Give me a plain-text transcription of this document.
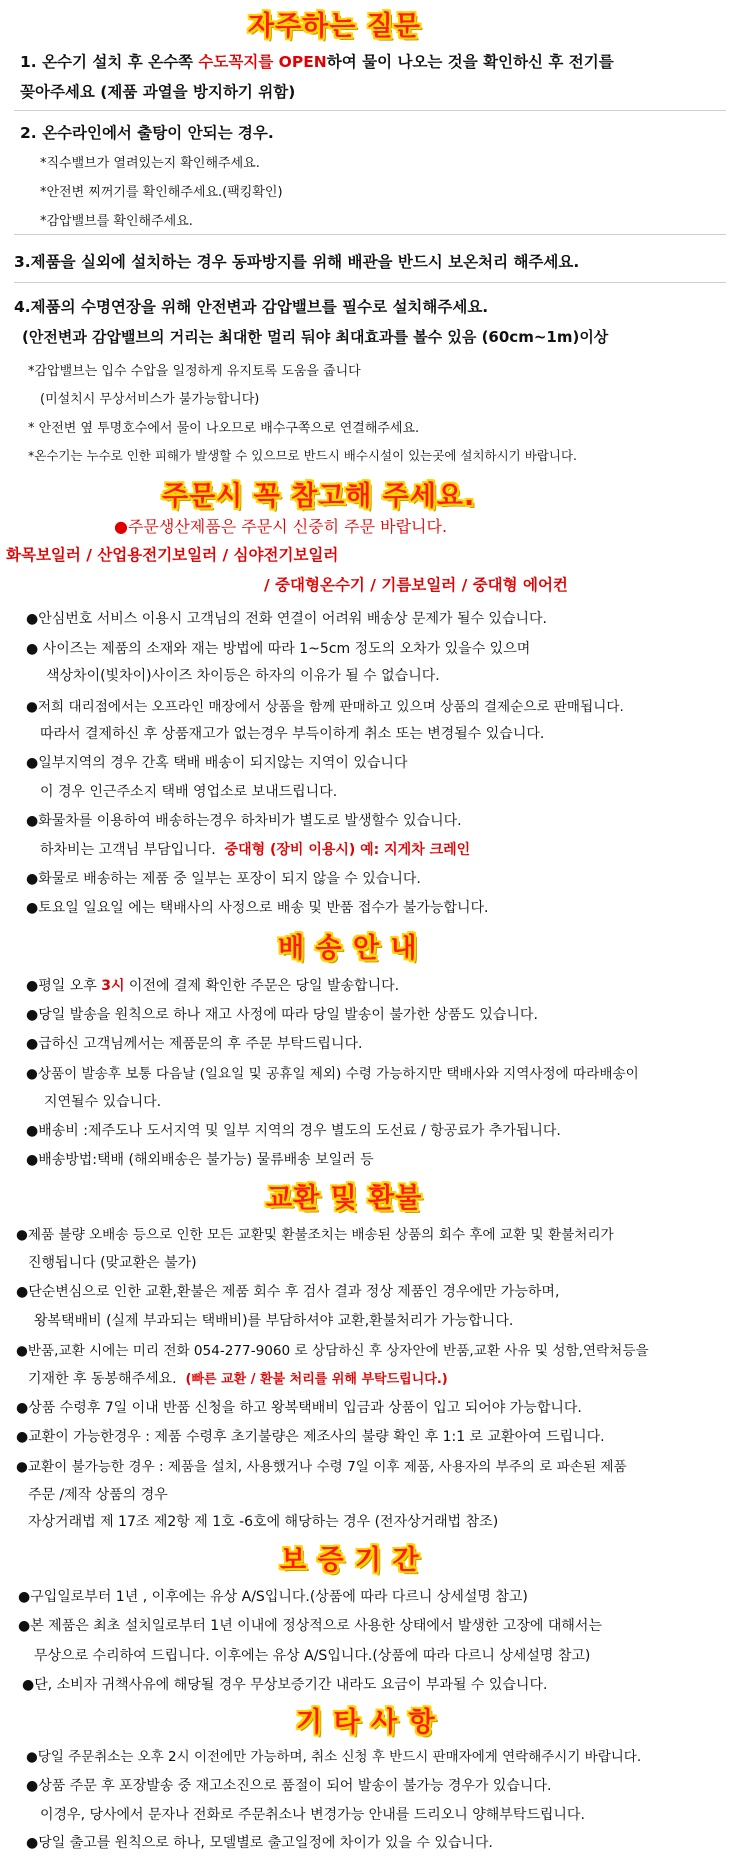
자주하는 질문
1. 온수기 설치 후 온수쪽 수도꼭지를 OPEN하여 물이 나오는 것을 확인하신 후 전기를
꽂아주세요 (제품 과열을 방지하기 위함)
2. 온수라인에서 출탕이 안되는 경우.
*직수밸브가 열려있는지 확인해주세요.
*안전변 찌꺼기를 확인해주세요.(팩킹확인)
*감압밸브를 확인해주세요.
3.제품을 실외에 설치하는 경우 동파방지를 위해 배관을 반드시 보온처리 해주세요.
4.제품의 수명연장을 위해 안전변과 감압밸브를 필수로 설치해주세요.
(안전변과 감압밸브의 거리는 최대한 멀리 둬야 최대효과를 볼수 있음 (60cm~1m)이상
*감압밸브는 입수 수압을 일정하게 유지토록 도움을 줍니다
(미설치시 무상서비스가 불가능합니다)
* 안전변 옆 투명호수에서 물이 나오므로 배수구쪽으로 연결해주세요.
*온수기는 누수로 인한 피해가 발생할 수 있으므로 반드시 배수시설이 있는곳에 설치하시기 바랍니다.
주문시 꼭 참고해 주세요.
●주문생산제품은 주문시 신중히 주문 바랍니다.
화목보일러 / 산업용전기보일러 / 심야전기보일러
/ 중대형온수기 / 기름보일러 / 중대형 에어컨
●안심번호 서비스 이용시 고객님의 전화 연결이 어려워 배송상 문제가 될수 있습니다.
● 사이즈는 제품의 소재와 재는 방법에 따라 1~5cm 정도의 오차가 있을수 있으며
색상차이(빛차이)사이즈 차이등은 하자의 이유가 될 수 없습니다.
●저희 대리점에서는 오프라인 매장에서 상품을 함께 판매하고 있으며 상품의 결제순으로 판매됩니다.
따라서 결제하신 후 상품재고가 없는경우 부득이하게 취소 또는 변경될수 있습니다.
●일부지역의 경우 간혹 택배 배송이 되지않는 지역이 있습니다
이 경우 인근주소지 택배 영업소로 보내드립니다.
●화물차를 이용하여 배송하는경우 하차비가 별도로 발생할수 있습니다.
하차비는 고객님 부담입니다. 중대형 (장비 이용시) 예: 지게차 크레인
●화물로 배송하는 제품 중 일부는 포장이 되지 않을 수 있습니다.
●토요일 일요일 에는 택배사의 사정으로 배송 및 반품 접수가 불가능합니다.
배 송 안 내
●평일 오후 3시 이전에 결제 확인한 주문은 당일 발송합니다.
●당일 발송을 원칙으로 하나 재고 사정에 따라 당일 발송이 불가한 상품도 있습니다.
●급하신 고객님께서는 제품문의 후 주문 부탁드립니다.
●상품이 발송후 보통 다음날 (일요일 및 공휴일 제외) 수령 가능하지만 택배사와 지역사정에 따라배송이
지연될수 있습니다.
●배송비 :제주도나 도서지역 및 일부 지역의 경우 별도의 도선료 / 항공료가 추가됩니다.
●배송방법:택배 (해외배송은 불가능) 물류배송 보일러 등
교환 및 환불
●제품 불량 오배송 등으로 인한 모든 교환및 환불조치는 배송된 상품의 회수 후에 교환 및 환불처리가
진행됩니다 (맞교환은 불가)
●단순변심으로 인한 교환,환불은 제품 회수 후 검사 결과 정상 제품인 경우에만 가능하며,
왕복택배비 (실제 부과되는 택배비)를 부담하셔야 교환,환불처리가 가능합니다.
●반품,교환 시에는 미리 전화 054-277-9060 로 상담하신 후 상자안에 반품,교환 사유 및 성함,연락처등을
기재한 후 동봉해주세요. (빠른 교환 / 환불 처리를 위해 부탁드립니다.)
●상품 수령후 7일 이내 반품 신청을 하고 왕복택배비 입금과 상품이 입고 되어야 가능합니다.
●교환이 가능한경우 : 제품 수령후 초기불량은 제조사의 불량 확인 후 1:1 로 교환아여 드립니다.
●교환이 불가능한 경우 : 제품을 설치, 사용했거나 수령 7일 이후 제품, 사용자의 부주의 로 파손된 제품
주문 /제작 상품의 경우
자상거래법 제 17조 제2항 제 1호 -6호에 해당하는 경우 (전자상거래법 참조)
보 증 기 간
●구입일로부터 1년 , 이후에는 유상 A/S입니다.(상품에 따라 다르니 상세설명 참고)
●본 제품은 최초 설치일로부터 1년 이내에 정상적으로 사용한 상태에서 발생한 고장에 대해서는
무상으로 수리하여 드립니다. 이후에는 유상 A/S입니다.(상품에 따라 다르니 상세설명 참고)
●단, 소비자 귀책사유에 해당될 경우 무상보증기간 내라도 요금이 부과될 수 있습니다.
기 타 사 항
●당일 주문취소는 오후 2시 이전에만 가능하며, 취소 신청 후 반드시 판매자에게 연락해주시기 바랍니다.
●상품 주문 후 포장발송 중 재고소진으로 품절이 되어 발송이 불가능 경우가 있습니다.
이경우, 당사에서 문자나 전화로 주문취소나 변경가능 안내를 드리오니 양해부탁드립니다.
●당일 출고를 원칙으로 하나, 모델별로 출고일정에 차이가 있을 수 있습니다.
